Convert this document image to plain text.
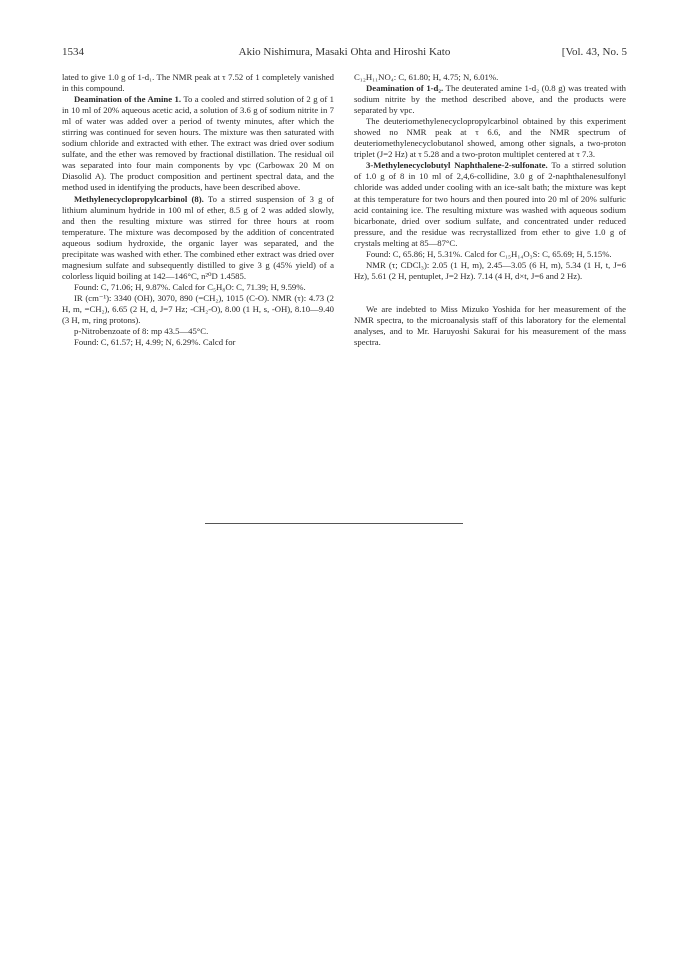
1534	Akio Nishimura, Masaki Ohta and Hiroshi Kato	[Vol. 43, No. 5

lated to give 1.0 g of 1-d₁. The NMR peak at τ 7.52 of 1 completely vanished in this compound.

Deamination of the Amine 1. To a cooled and stirred solution of 2 g of 1 in 10 ml of 20% aqueous acetic acid, a solution of 3.6 g of sodium nitrite in 7 ml of water was added over a period of twenty minutes, after which the stirring was continued for seven hours. The mixture was then saturated with sodium chloride and extracted with ether. The extract was dried over sodium sulfate, and the ether was removed by fractional distillation. The residual oil was separated into four main components by vpc (Carbowax 20 M on Diasolid A). The product composition and pertinent spectral data, and the method used in identifying the products, have been described above.

Methylenecyclopropylcarbinol (8). To a stirred suspension of 3 g of lithium aluminum hydride in 100 ml of ether, 8.5 g of 2 was added slowly, and then the resulting mixture was stirred for three hours at room temperature. The mixture was decomposed by the addition of concentrated aqueous sodium hydroxide, the organic layer was separated, and the precipitate was washed with ether. The combined ether extract was dried over magnesium sulfate and subsequently distilled to give 3 g (45% yield) of a colorless liquid boiling at 142—146°C, n²⁰D 1.4585.

Found: C, 71.06; H, 9.87%. Calcd for C₅H₈O: C, 71.39; H, 9.59%.

IR (cm⁻¹): 3340 (OH), 3070, 890 (=CH₂), 1015 (C-O). NMR (τ): 4.73 (2 H, m, =CH₂), 6.65 (2 H, d, J=7 Hz; -CH₂-O), 8.00 (1 H, s, -OH), 8.10—9.40 (3 H, m, ring protons).

p-Nitrobenzoate of 8: mp 43.5—45°C.

Found: C, 61.57; H, 4.99; N, 6.29%. Calcd for

C₁₂H₁₁NO₄: C, 61.80; H, 4.75; N, 6.01%.

Deamination of 1-d₂. The deuterated amine 1-d₂ (0.8 g) was treated with sodium nitrite by the method described above, and the products were separated by vpc.

The deuteriomethylenecyclopropylcarbinol obtained by this experiment showed no NMR peak at τ 6.6, and the NMR spectrum of deuteriomethylenecyclobutanol showed, among other signals, a two-proton triplet (J=2 Hz) at τ 5.28 and a two-proton multiplet centered at τ 7.3.

3-Methylenecyclobutyl Naphthalene-2-sulfonate. To a stirred solution of 1.0 g of 8 in 10 ml of 2,4,6-collidine, 3.0 g of 2-naphthalenesulfonyl chloride was added under cooling with an ice-salt bath; the mixture was kept at this temperature for two hours and then poured into 20 ml of 20% sulfuric acid containing ice. The resulting mixture was washed with aqueous sodium bicarbonate, dried over sodium sulfate, and concentrated under reduced pressure, and the residue was recrystallized from ether to give 1.0 g of crystals melting at 85—87°C.

Found: C, 65.86; H, 5.31%. Calcd for C₁₅H₁₄O₃S: C, 65.69; H, 5.15%.

NMR (τ; CDCl₃): 2.05 (1 H, m), 2.45—3.05 (6 H, m), 5.34 (1 H, t, J=6 Hz), 5.61 (2 H, pentuplet, J=2 Hz). 7.14 (4 H, d×t, J=6 and 2 Hz).

We are indebted to Miss Mizuko Yoshida for her measurement of the NMR spectra, to the microanalysis staff of this laboratory for the elemental analyses, and to Mr. Haruyoshi Sakurai for his measurement of the mass spectra.
